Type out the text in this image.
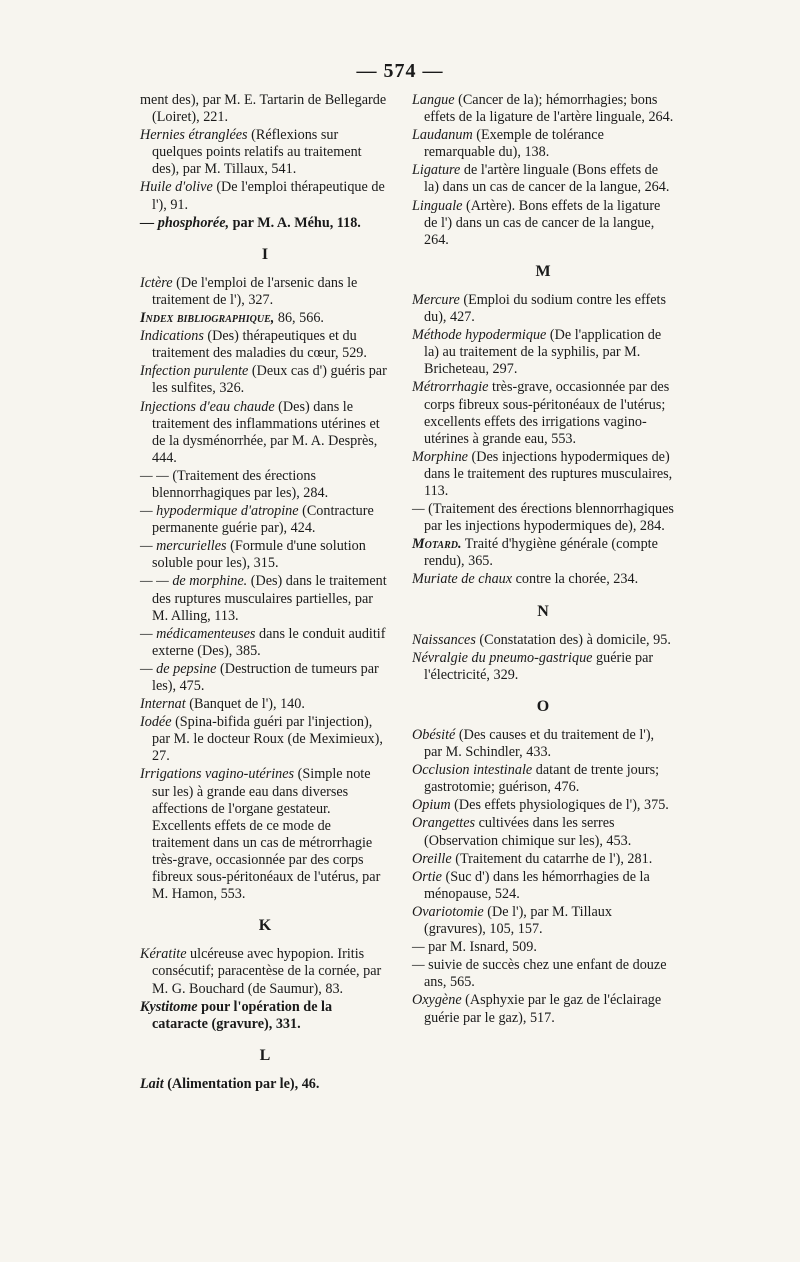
— 574 —
ment des), par M. E. Tartarin de Bellegarde (Loiret), 221.
Hernies étranglées (Réflexions sur quelques points relatifs au traitement des), par M. Tillaux, 541.
Huile d'olive (De l'emploi thérapeutique de l'), 91.
— phosphorée, par M. A. Méhu, 118.
I
Ictère (De l'emploi de l'arsenic dans le traitement de l'), 327.
Index bibliographique, 86, 566.
Indications (Des) thérapeutiques et du traitement des maladies du cœur, 529.
Infection purulente (Deux cas d') guéris par les sulfites, 326.
Injections d'eau chaude (Des) dans le traitement des inflammations utérines et de la dysménorrhée, par M. A. Desprès, 444.
— — (Traitement des érections blennorrhagiques par les), 284.
— hypodermique d'atropine (Contracture permanente guérie par), 424.
— mercurielles (Formule d'une solution soluble pour les), 315.
— — de morphine. (Des) dans le traitement des ruptures musculaires partielles, par M. Alling, 113.
— médicamenteuses dans le conduit auditif externe (Des), 385.
— de pepsine (Destruction de tumeurs par les), 475.
Internat (Banquet de l'), 140.
Iodée (Spina-bifida guéri par l'injection), par M. le docteur Roux (de Meximieux), 27.
Irrigations vagino-utérines (Simple note sur les) à grande eau dans diverses affections de l'organe gestateur. Excellents effets de ce mode de traitement dans un cas de métrorrhagie très-grave, occasionnée par des corps fibreux sous-péritonéaux de l'utérus, par M. Hamon, 553.
K
Kératite ulcéreuse avec hypopion. Iritis consécutif; paracentèse de la cornée, par M. G. Bouchard (de Saumur), 83.
Kystitome pour l'opération de la cataracte (gravure), 331.
L
Lait (Alimentation par le), 46.
Langue (Cancer de la); hémorrhagies; bons effets de la ligature de l'artère linguale, 264.
Laudanum (Exemple de tolérance remarquable du), 138.
Ligature de l'artère linguale (Bons effets de la) dans un cas de cancer de la langue, 264.
Linguale (Artère). Bons effets de la ligature de l') dans un cas de cancer de la langue, 264.
M
Mercure (Emploi du sodium contre les effets du), 427.
Méthode hypodermique (De l'application de la) au traitement de la syphilis, par M. Bricheteau, 297.
Métrorrhagie très-grave, occasionnée par des corps fibreux sous-péritonéaux de l'utérus; excellents effets des irrigations vagino-utérines à grande eau, 553.
Morphine (Des injections hypodermiques de) dans le traitement des ruptures musculaires, 113.
— (Traitement des érections blennorrhagiques par les injections hypodermiques de), 284.
Motard. Traité d'hygiène générale (compte rendu), 365.
Muriate de chaux contre la chorée, 234.
N
Naissances (Constatation des) à domicile, 95.
Névralgie du pneumo-gastrique guérie par l'électricité, 329.
O
Obésité (Des causes et du traitement de l'), par M. Schindler, 433.
Occlusion intestinale datant de trente jours; gastrotomie; guérison, 476.
Opium (Des effets physiologiques de l'), 375.
Orangettes cultivées dans les serres (Observation chimique sur les), 453.
Oreille (Traitement du catarrhe de l'), 281.
Ortie (Suc d') dans les hémorrhagies de la ménopause, 524.
Ovariotomie (De l'), par M. Tillaux (gravures), 105, 157.
— par M. Isnard, 509.
— suivie de succès chez une enfant de douze ans, 565.
Oxygène (Asphyxie par le gaz de l'éclairage guérie par le gaz), 517.
